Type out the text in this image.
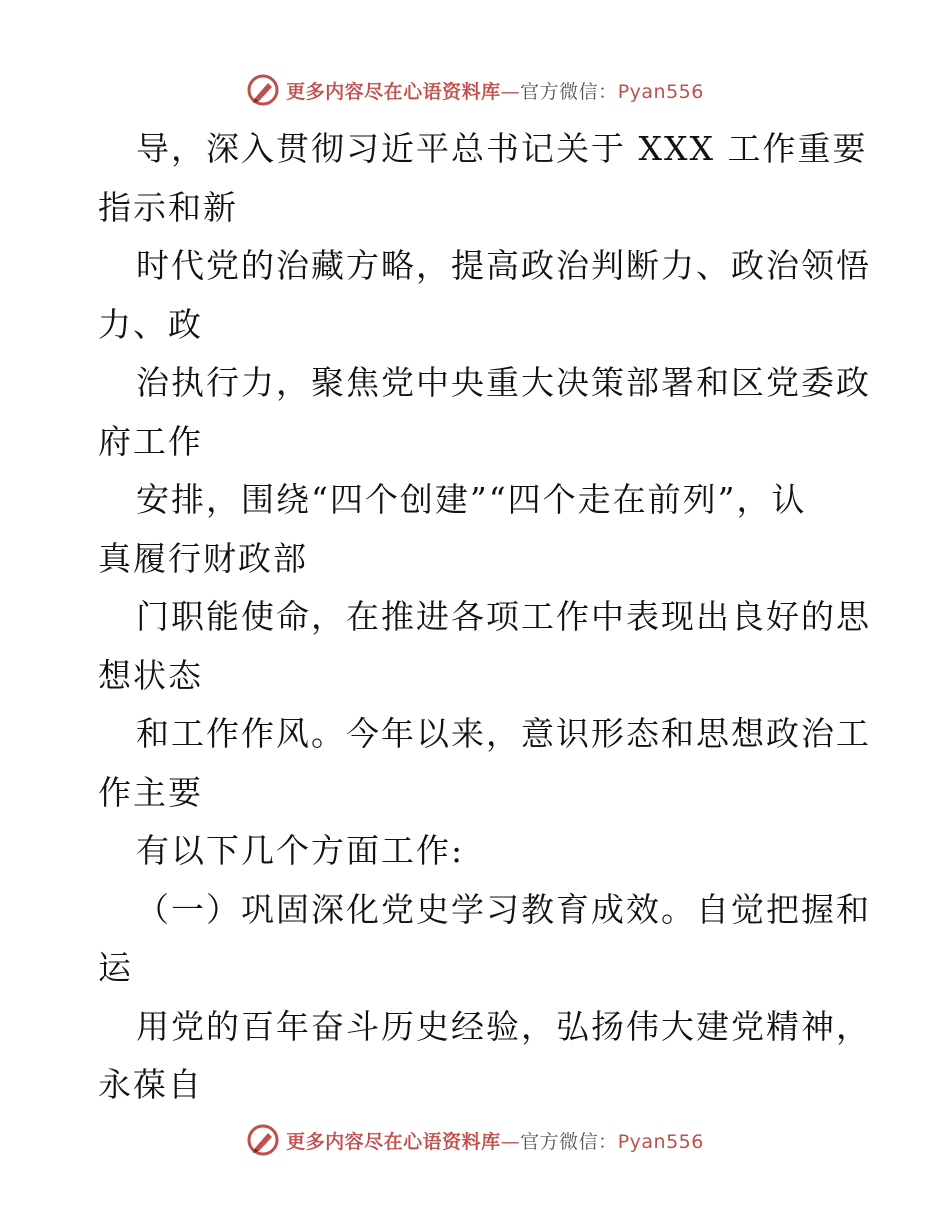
更多内容尽在心语资料库—官方微信：Pyan556
导，深入贯彻习近平总书记关于 XXX 工作重要
指示和新
时代党的治藏方略，提高政治判断力、政治领悟
力、政
治执行力，聚焦党中央重大决策部署和区党委政
府工作
安排，围绕“四个创建”“四个走在前列”，认
真履行财政部
门职能使命，在推进各项工作中表现出良好的思
想状态
和工作作风。今年以来，意识形态和思想政治工
作主要
有以下几个方面工作:
（一）巩固深化党史学习教育成效。自觉把握和
运
用党的百年奋斗历史经验，弘扬伟大建党精神，
永葆自
更多内容尽在心语资料库—官方微信：Pyan556
